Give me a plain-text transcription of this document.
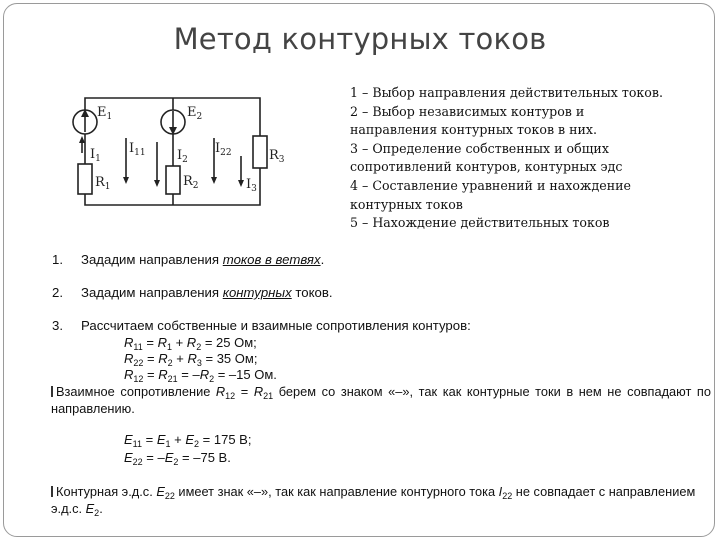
Метод контурных токов
$E_1$	$E_2$
$I_1$
$R_1$
$I_{11}$ $I_2$
$R_2$
$I_{22}$	$R_3$
$I_3$
1 – Выбор направления действительных токов.
2 – Выбор независимых контуров и
направления контурных токов в них.
3 – Определение собственных и общих
сопротивлений контуров, контурных эдс
4 – Составление уравнений и нахождение
контурных токов
5 – Нахождение действительных токов
1. Зададим направления токов в ветвях.
2. Зададим направления контурных токов.
3. Рассчитаем собственные и взаимные сопротивления контуров:
$R_{11} = R_1 + R_2 = 25$ Ом;
$R_{22} = R_2 + R_3 = 35$ Ом;
$R_{12} = R_{21} = -R_2 = -15$ Ом.
Взаимное сопротивление $R_{12} = R_{21}$ берем со знаком «–», так как контурные токи в нем не совпадают по направлению.
$E_{11} = E_1 + E_2 = 175$ В;
$E_{22} = -E_2 = -75$ В.
Контурная э.д.с. $E_{22}$ имеет знак «–», так как направление контурного тока $I_{22}$ не совпадает с направлением э.д.с. $E_2$.
